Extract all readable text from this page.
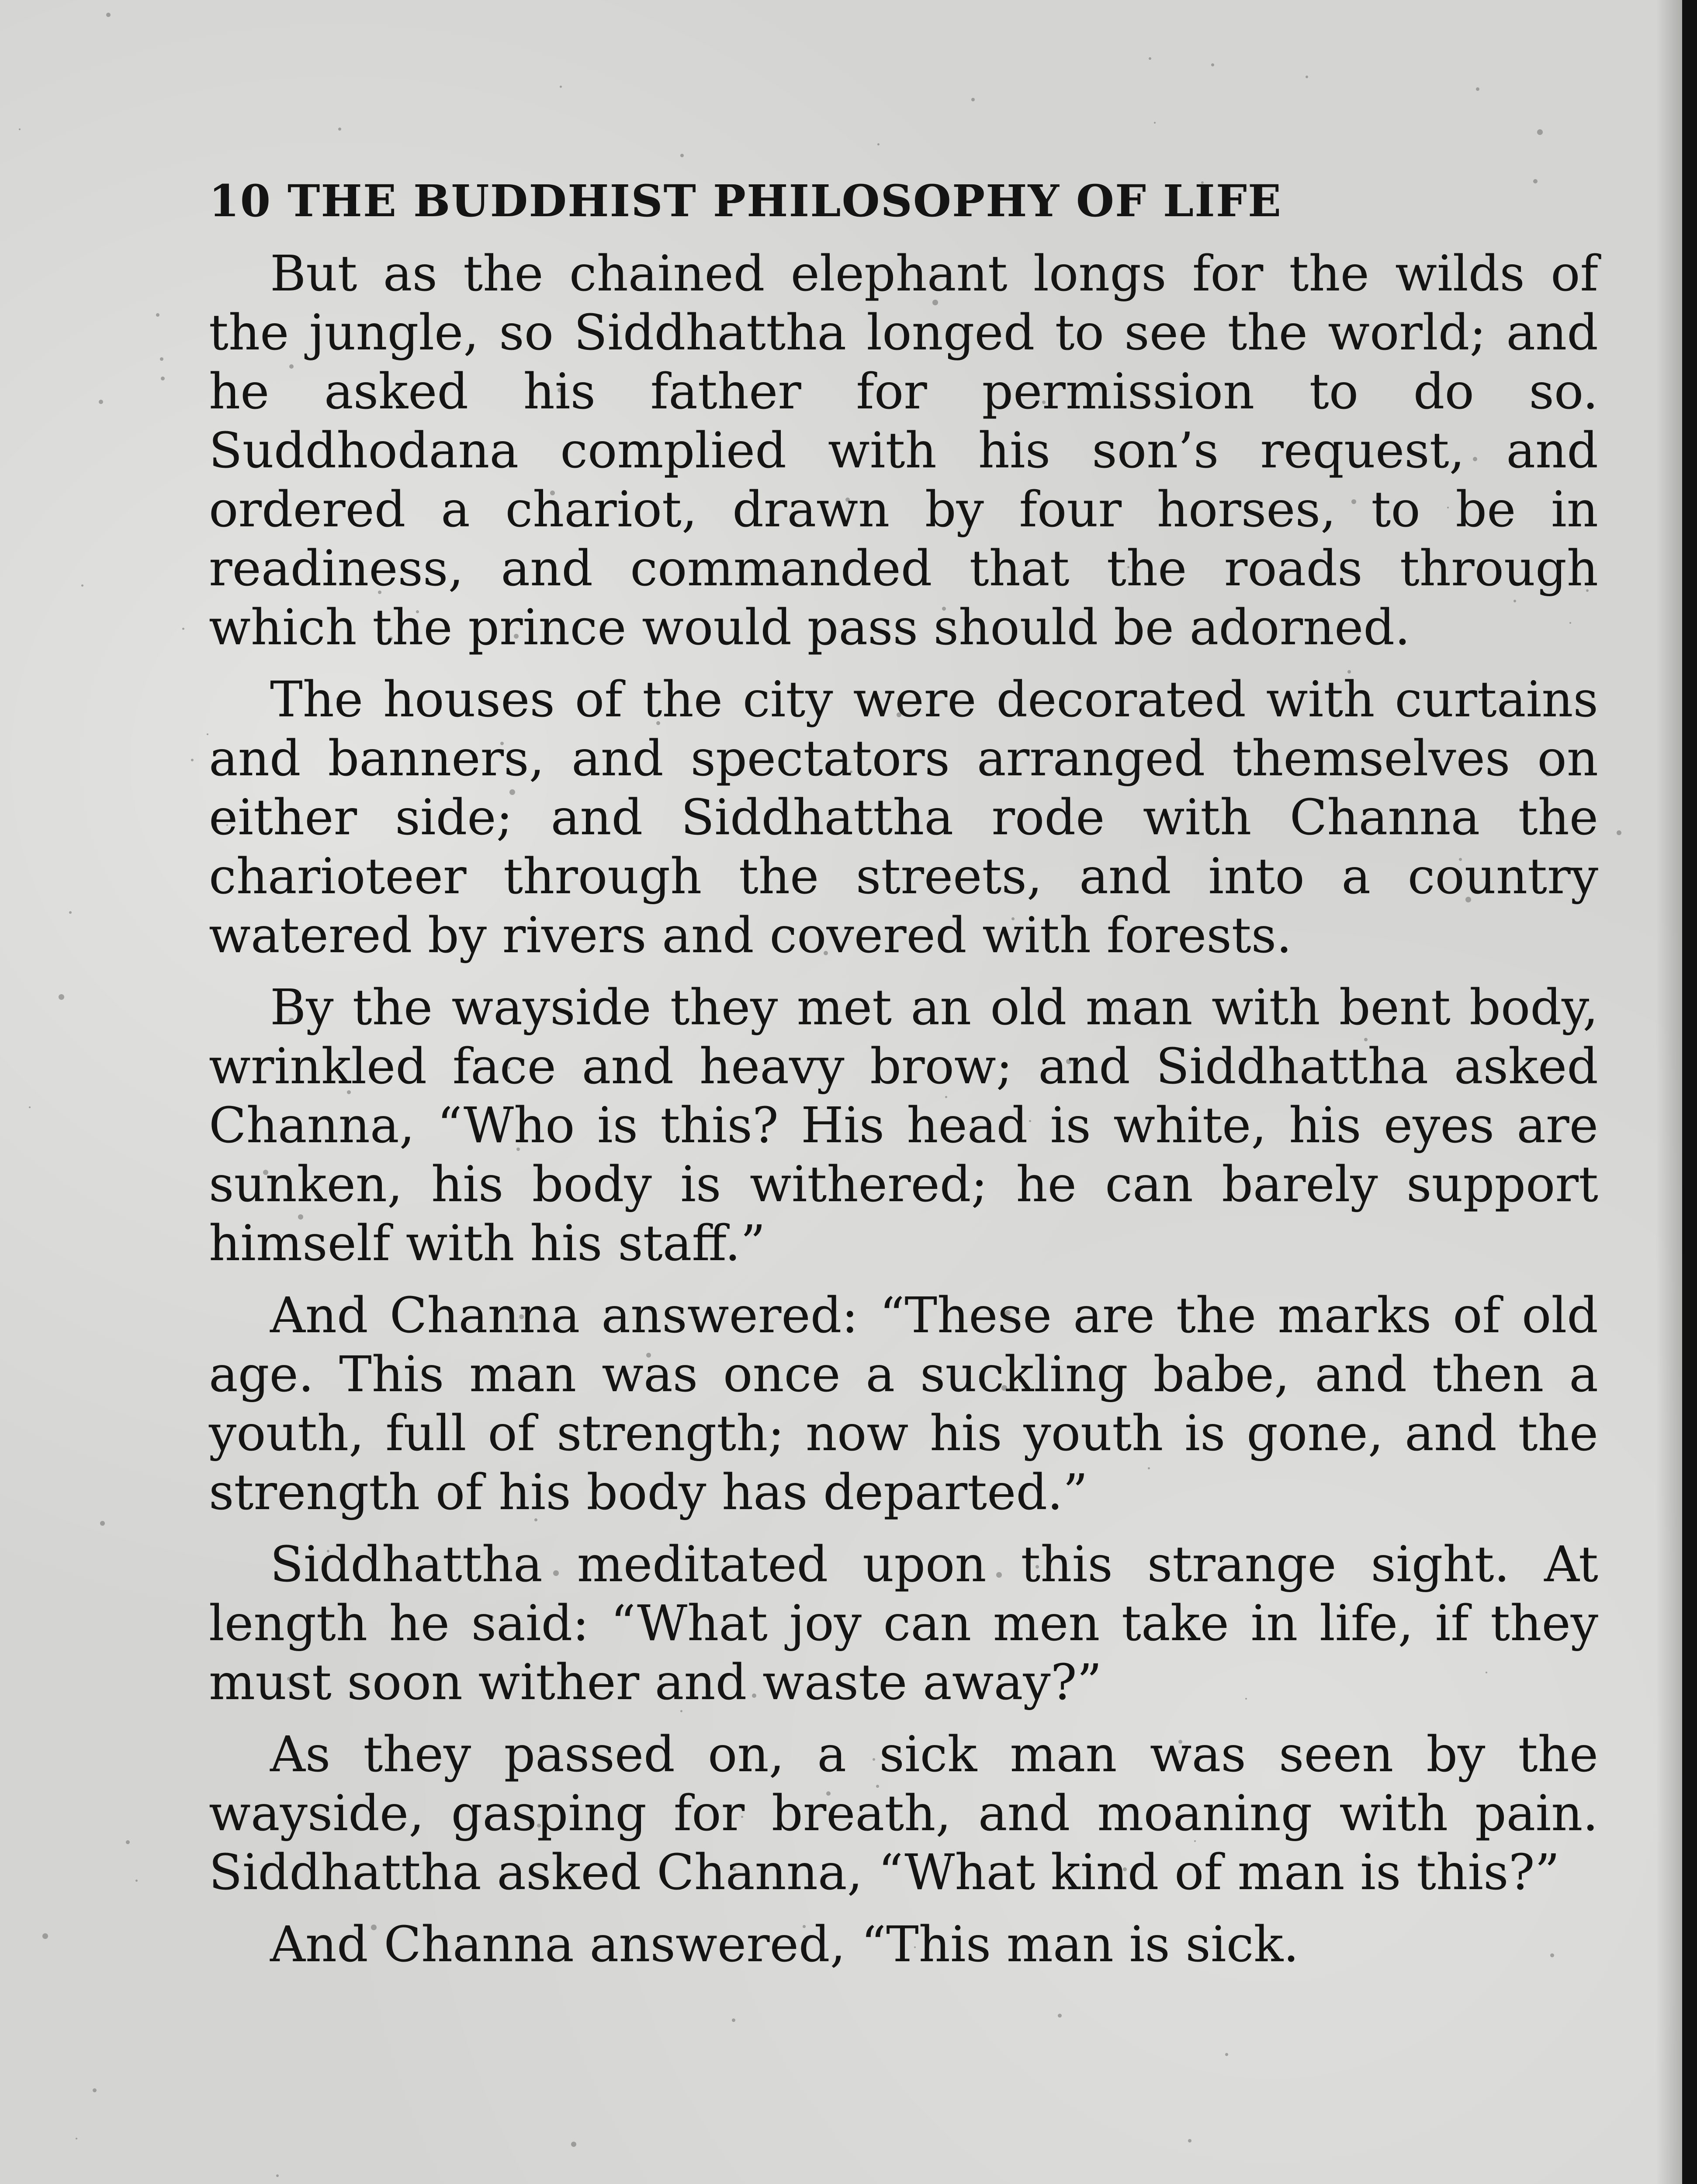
10 THE BUDDHIST PHILOSOPHY OF LIFE

But as the chained elephant longs for the wilds of the jungle, so Siddhattha longed to see the world; and he asked his father for permission to do so. Suddhodana complied with his son’s request, and ordered a chariot, drawn by four horses, to be in readiness, and commanded that the roads through which the prince would pass should be adorned.

The houses of the city were decorated with curtains and banners, and spectators arranged themselves on either side; and Siddhattha rode with Channa the charioteer through the streets, and into a country watered by rivers and covered with forests.

By the wayside they met an old man with bent body, wrinkled face and heavy brow; and Siddhattha asked Channa, “Who is this? His head is white, his eyes are sunken, his body is withered; he can barely support himself with his staff.”

And Channa answered: “These are the marks of old age. This man was once a suckling babe, and then a youth, full of strength; now his youth is gone, and the strength of his body has departed.”

Siddhattha meditated upon this strange sight. At length he said: “What joy can men take in life, if they must soon wither and waste away?”

As they passed on, a sick man was seen by the wayside, gasping for breath, and moaning with pain. Siddhattha asked Channa, “What kind of man is this?”

And Channa answered, “This man is sick.
